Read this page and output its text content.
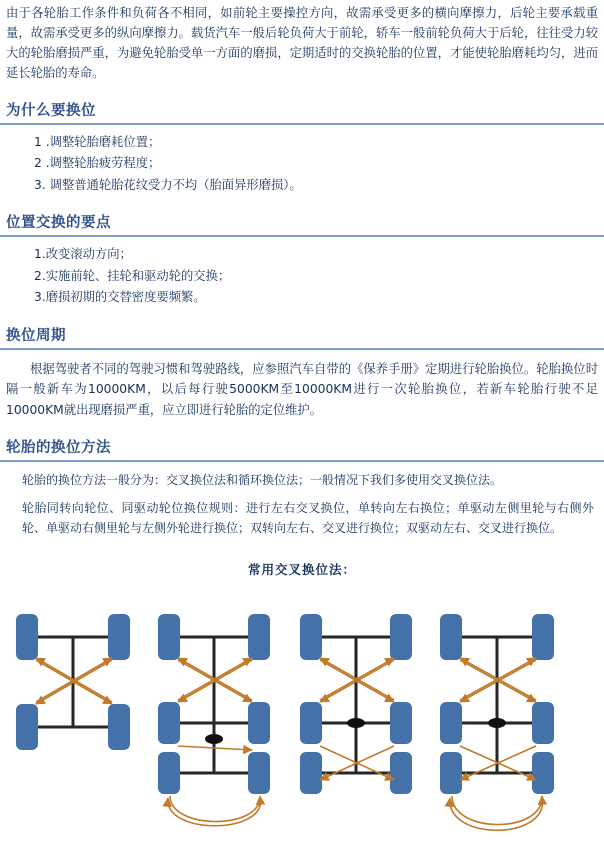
由于各轮胎工作条件和负荷各不相同，如前轮主要操控方向，故需承受更多的横向摩擦力，后轮主要承载重量，故需承受更多的纵向摩擦力。载货汽车一般后轮负荷大于前轮，轿车一般前轮负荷大于后轮，往往受力较大的轮胎磨损严重，为避免轮胎受单一方面的磨损，定期适时的交换轮胎的位置，才能使轮胎磨耗均匀，进而延长轮胎的寿命。

为什么要换位
1 .调整轮胎磨耗位置；
2 .调整轮胎疲劳程度；
3. 调整普通轮胎花纹受力不均（胎面异形磨损）。
位置交换的要点
1.改变滚动方向；
2.实施前轮、挂轮和驱动轮的交换；
3.磨损初期的交替密度要频繁。
换位周期

根据驾驶者不同的驾驶习惯和驾驶路线，应参照汽车自带的《保养手册》定期进行轮胎换位。轮胎换位时隔一般新车为10000KM，以后每行驶5000KM至10000KM进行一次轮胎换位，若新车轮胎行驶不足10000KM就出现磨损严重，应立即进行轮胎的定位维护。

轮胎的换位方法

轮胎的换位方法一般分为：交叉换位法和循环换位法；一般情况下我们多使用交叉换位法。

轮胎同转向轮位、同驱动轮位换位规则：进行左右交叉换位，单转向左右换位；单驱动左侧里轮与右侧外轮、单驱动右侧里轮与左侧外轮进行换位；双转向左右、交叉进行换位；双驱动左右、交叉进行换位。

常用交叉换位法：
